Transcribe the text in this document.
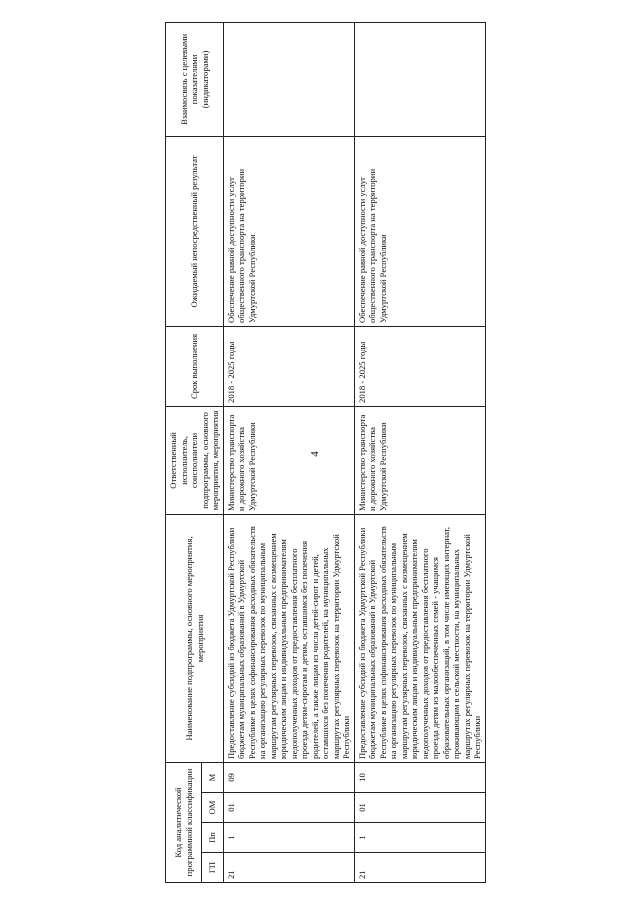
4
Код аналитической программной классификации				Наименование подпрограммы, основного мероприятия, мероприятия	Ответственный исполнитель, соисполнители подпрограммы, основного мероприятия, мероприятия	Срок выполнения	Ожидаемый непосредственный результат	Взаимосвязь с целевыми показателями (индикаторами)
ГП	Пп	ОМ	М					
21	1	01	09	Предоставление субсидий из бюджета Удмуртской Республики бюджетам муниципальных образований в Удмуртской Республике в целях софинансирования расходных обязательств на организацию регулярных перевозок по муниципальным маршрутам регулярных перевозок, связанных с возмещением юридическим лицам и индивидуальным предпринимателям недополученных доходов от предоставления бесплатного проезда детям-сиротам и детям, оставшимся без попечения родителей, а также лицам из числа детей-сирот и детей, оставшихся без попечения родителей, на муниципальных маршрутах регулярных перевозок на территории Удмуртской Республики	Министерство транспорта и дорожного хозяйства Удмуртской Республики	2018 - 2025 годы	Обеспечение равной доступности услуг общественного транспорта на территории Удмуртской Республики	
21	1	01	10	Предоставление субсидий из бюджета Удмуртской Республики бюджетам муниципальных образований в Удмуртской Республике в целях софинансирования расходных обязательств на организацию регулярных перевозок по муниципальным маршрутам регулярных перевозок, связанных с возмещением юридическим лицам и индивидуальным предпринимателям недополученных доходов от предоставления бесплатного проезда детям из малообеспеченных семей - учащимся образовательных организаций, в том числе имеющих интернат, проживающим в сельской местности, на муниципальных маршрутах регулярных перевозок на территории Удмуртской Республики	Министерство транспорта и дорожного хозяйства Удмуртской Республики	2018 - 2025 годы	Обеспечение равной доступности услуг общественного транспорта на территории Удмуртской Республики	
